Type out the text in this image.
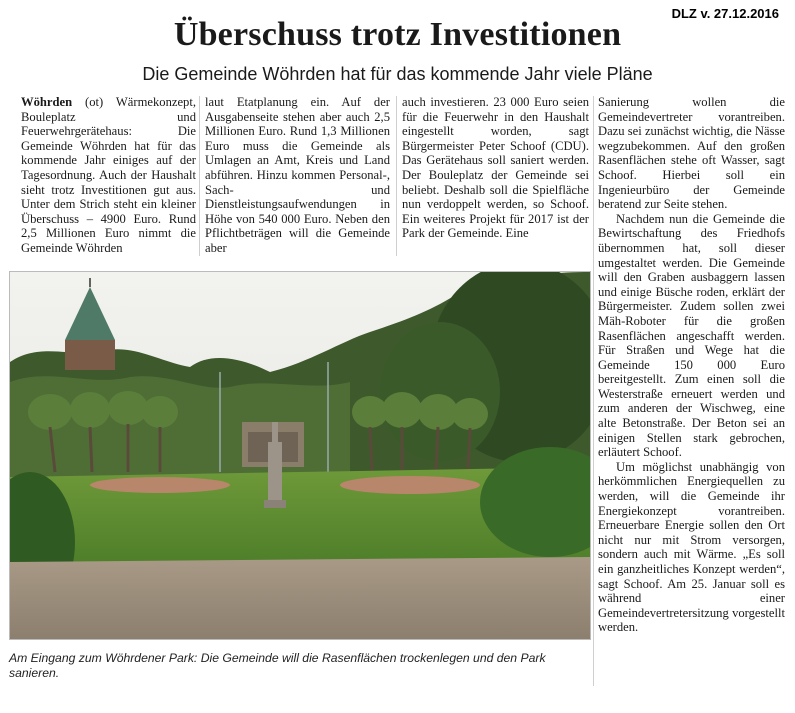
DLZ v. 27.12.2016
Überschuss trotz Investitionen
Die Gemeinde Wöhrden hat für das kommende Jahr viele Pläne

Wöhrden (ot) Wärmekonzept, Bouleplatz und Feuerwehrgerätehaus: Die Gemeinde Wöhrden hat für das kommende Jahr einiges auf der Tagesordnung. Auch der Haushalt sieht trotz Investitionen gut aus. Unter dem Strich steht ein kleiner Überschuss – 4900 Euro. Rund 2,5 Millionen Euro nimmt die Gemeinde Wöhrden

laut Etatplanung ein. Auf der Ausgabenseite stehen aber auch 2,5 Millionen Euro. Rund 1,3 Millionen Euro muss die Gemeinde als Umlagen an Amt, Kreis und Land abführen. Hinzu kommen Personal-, Sach- und Dienstleistungsaufwendungen in Höhe von 540 000 Euro. Neben den Pflichtbeträgen will die Gemeinde aber

auch investieren. 23 000 Euro seien für die Feuerwehr in den Haushalt eingestellt worden, sagt Bürgermeister Peter Schoof (CDU). Das Gerätehaus soll saniert werden. Der Bouleplatz der Gemeinde sei beliebt. Deshalb soll die Spielfläche nun verdoppelt werden, so Schoof. Ein weiteres Projekt für 2017 ist der Park der Gemeinde. Eine

Sanierung wollen die Gemeindevertreter vorantreiben. Dazu sei zunächst wichtig, die Nässe wegzubekommen. Auf den großen Rasenflächen stehe oft Wasser, sagt Schoof. Hierbei soll ein Ingenieurbüro der Gemeinde beratend zur Seite stehen.

Nachdem nun die Gemeinde die Bewirtschaftung des Friedhofs übernommen hat, soll dieser umgestaltet werden. Die Gemeinde will den Graben ausbaggern lassen und einige Büsche roden, erklärt der Bürgermeister. Zudem sollen zwei Mäh-Roboter für die großen Rasenflächen angeschafft werden. Für Straßen und Wege hat die Gemeinde 150 000 Euro bereitgestellt. Zum einen soll die Westerstraße erneuert werden und zum anderen der Wischweg, eine alte Betonstraße. Der Beton sei an einigen Stellen stark gebrochen, erläutert Schoof.

Um möglichst unabhängig von herkömmlichen Energiequellen zu werden, will die Gemeinde ihr Energiekonzept vorantreiben. Erneuerbare Energie sollen den Ort nicht nur mit Strom versorgen, sondern auch mit Wärme. „Es soll ein ganzheitliches Konzept werden“, sagt Schoof. Am 25. Januar soll es während einer Gemeindevertretersitzung vorgestellt werden.

Am Eingang zum Wöhrdener Park: Die Gemeinde will die Rasenflächen trockenlegen und den Park sanieren.
